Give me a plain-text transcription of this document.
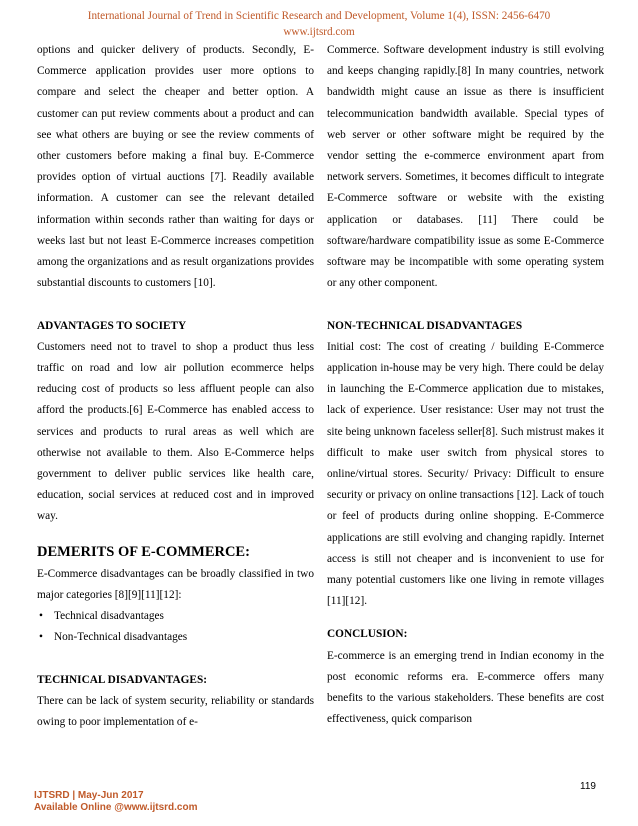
International Journal of Trend in Scientific Research and Development, Volume 1(4), ISSN: 2456-6470
www.ijtsrd.com

options and quicker delivery of products. Secondly, E-Commerce application provides user more options to compare and select the cheaper and better option. A customer can put review comments about a product and can see what others are buying or see the review comments of other customers before making a final buy. E-Commerce provides option of virtual auctions [7]. Readily available information. A customer can see the relevant detailed information within seconds rather than waiting for days or weeks last but not least E-Commerce increases competition among the organizations and as result organizations provides substantial discounts to customers [10].

ADVANTAGES TO SOCIETY

Customers need not to travel to shop a product thus less traffic on road and low air pollution ecommerce helps reducing cost of products so less affluent people can also afford the products.[6] E-Commerce has enabled access to services and products to rural areas as well which are otherwise not available to them. Also E-Commerce helps government to deliver public services like health care, education, social services at reduced cost and in improved way.

DEMERITS OF E-COMMERCE:

E-Commerce disadvantages can be broadly classified in two major categories [8][9][11][12]:

• Technical disadvantages
• Non-Technical disadvantages
TECHNICAL DISADVANTAGES:

There can be lack of system security, reliability or standards owing to poor implementation of e-

Commerce. Software development industry is still evolving and keeps changing rapidly.[8] In many countries, network bandwidth might cause an issue as there is insufficient telecommunication bandwidth available. Special types of web server or other software might be required by the vendor setting the e-commerce environment apart from network servers. Sometimes, it becomes difficult to integrate E-Commerce software or website with the existing application or databases. [11] There could be software/hardware compatibility issue as some E-Commerce software may be incompatible with some operating system or any other component.

NON-TECHNICAL DISADVANTAGES

Initial cost: The cost of creating / building E-Commerce application in-house may be very high. There could be delay in launching the E-Commerce application due to mistakes, lack of experience. User resistance: User may not trust the site being unknown faceless seller[8]. Such mistrust makes it difficult to make user switch from physical stores to online/virtual stores. Security/ Privacy: Difficult to ensure security or privacy on online transactions [12]. Lack of touch or feel of products during online shopping. E-Commerce applications are still evolving and changing rapidly. Internet access is still not cheaper and is inconvenient to use for many potential customers like one living in remote villages [11][12].

CONCLUSION:

E-commerce is an emerging trend in Indian economy in the post economic reforms era. E-commerce offers many benefits to the various stakeholders. These benefits are cost effectiveness, quick comparison

119
IJTSRD | May-Jun 2017
Available Online @www.ijtsrd.com
